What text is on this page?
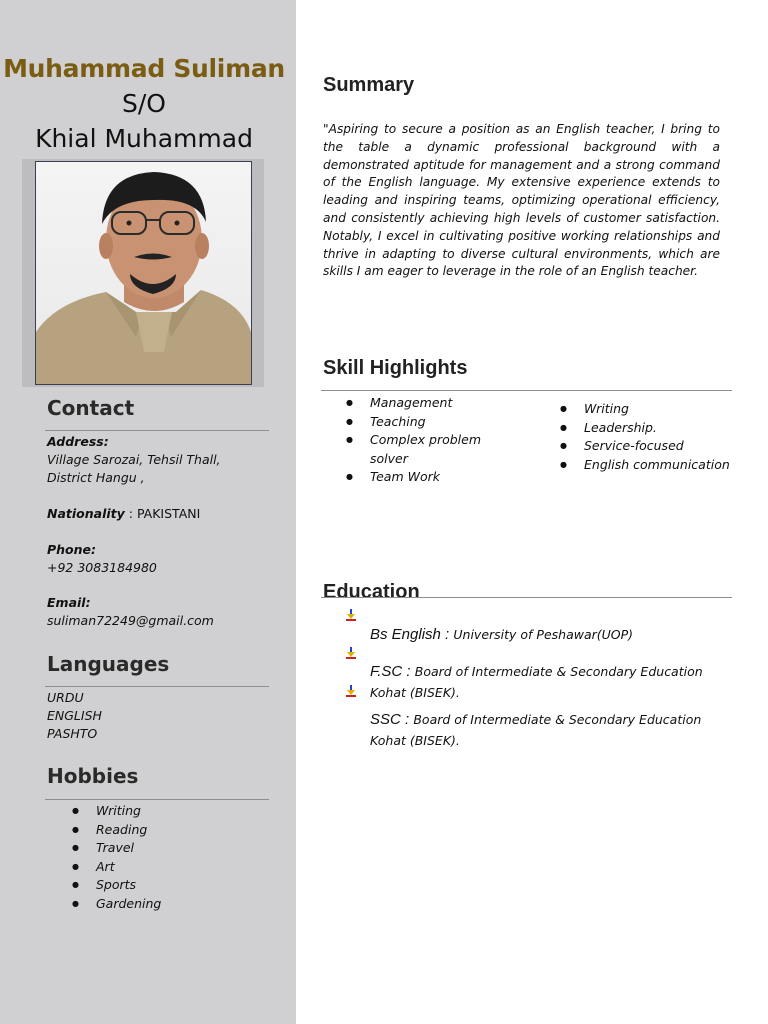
Muhammad Suliman
S/O
Khial Muhammad
Contact
Address:
Village Sarozai, Tehsil Thall,
District Hangu ,
Nationality : PAKISTANI
Phone:
+92 3083184980
Email:
suliman72249@gmail.com
Languages
URDU
ENGLISH
PASHTO
Hobbies
● Writing
● Reading
● Travel
● Art
● Sports
● Gardening
Summary

"Aspiring to secure a position as an English teacher, I bring to the table a dynamic professional background with a demonstrated aptitude for management and a strong command of the English language. My extensive experience extends to leading and inspiring teams, optimizing operational efficiency, and consistently achieving high levels of customer satisfaction. Notably, I excel in cultivating positive working relationships and thrive in adapting to diverse cultural environments, which are skills I am eager to leverage in the role of an English teacher.

Skill Highlights
● Management
● Teaching
● Complex problem solver
● Team Work
● Writing
● Leadership.
● Service-focused
● English communication
Education
Bs English : University of Peshawar(UOP)
F.SC : Board of Intermediate & Secondary Education
Kohat (BISEK).
SSC : Board of Intermediate & Secondary Education
Kohat (BISEK).
